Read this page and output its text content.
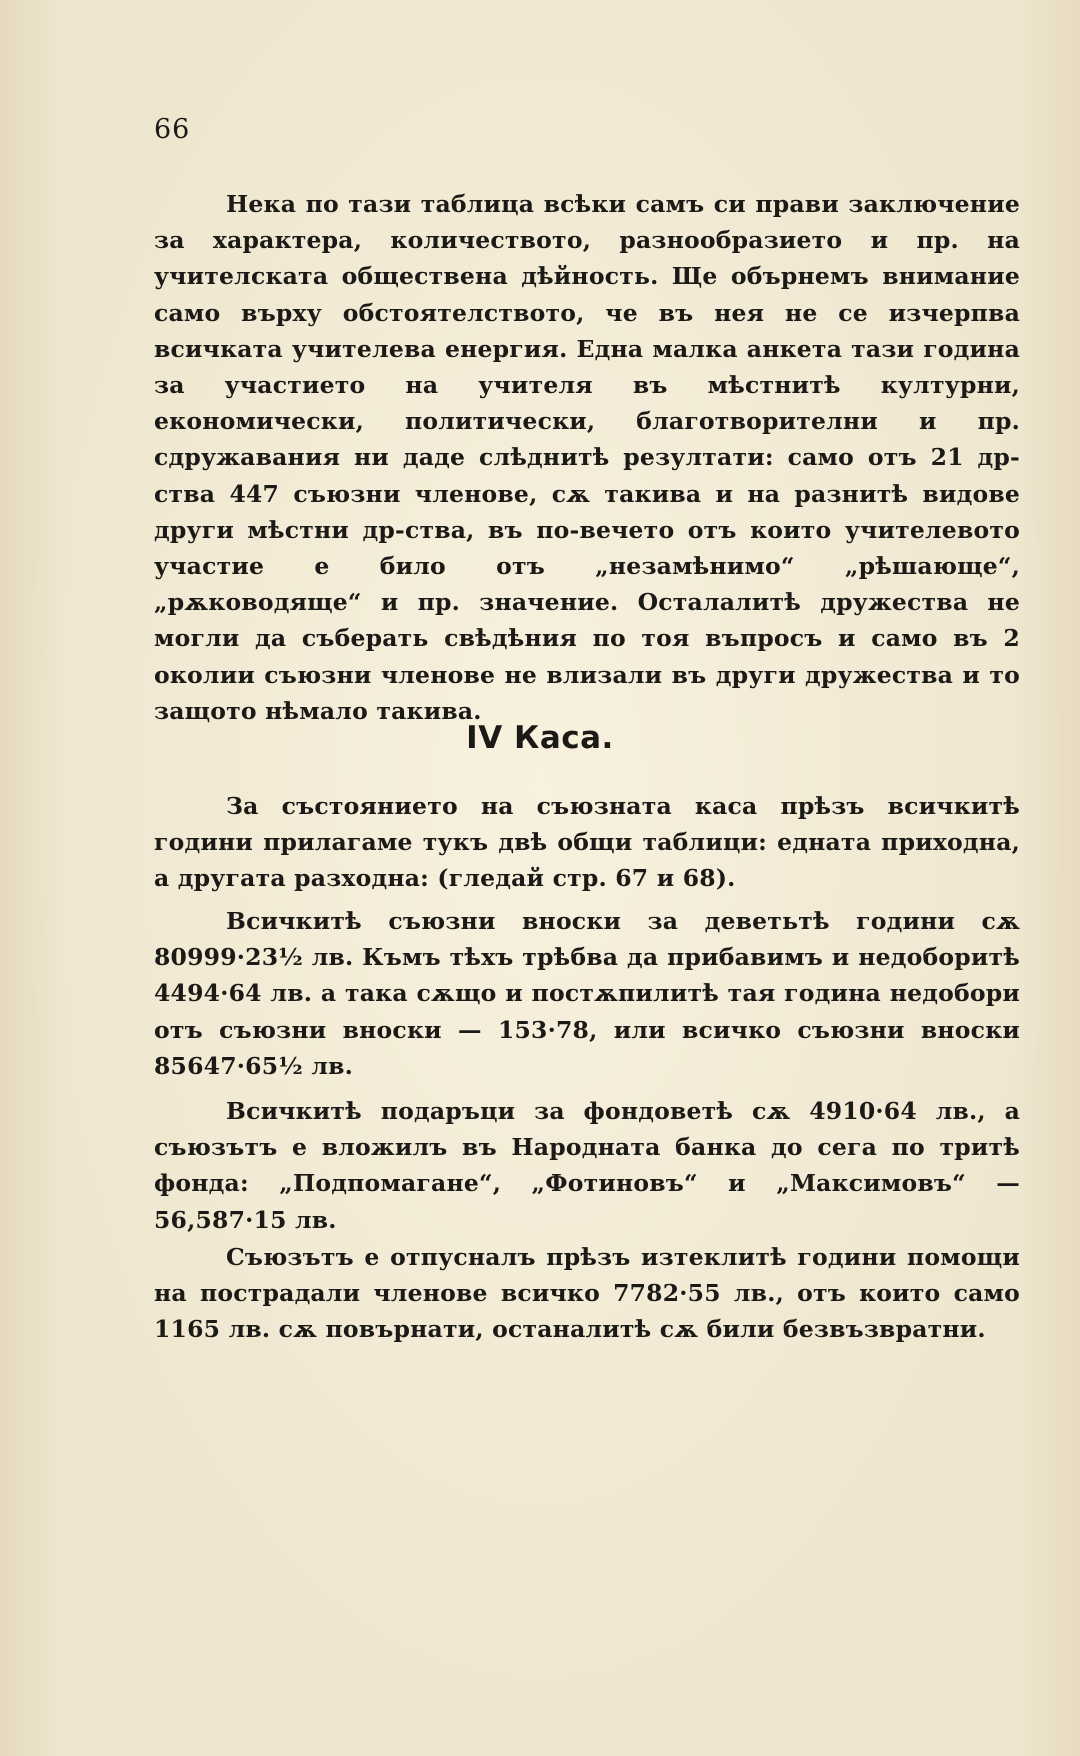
66

Нека по тази таблица всѣки самъ си прави заключение за характера, количеството, разнообразието и пр. на учителската обществена дѣйность. Ще обърнемъ внимание само върху обстоятелството, че въ нея не се изчерпва всичката учителева енергия. Една малка анкета тази година за участието на учителя въ мѣстнитѣ културни, економически, политически, благотворителни и пр. сдружавания ни даде слѣднитѣ резултати: само отъ 21 др-ства 447 съюзни членове, сѫ такива и на разнитѣ видове други мѣстни др-ства, въ по-вечето отъ които учителевото участие е било отъ „незамѣнимо“ „рѣшающе“, „рѫководяще“ и пр. значение. Осталалитѣ дружества не могли да съберать свѣдѣния по тоя въпросъ и само въ 2 околии съюзни членове не влизали въ други дружества и то защото нѣмало такива.

IV Каса.

За състоянието на съюзната каса прѣзъ всичкитѣ години прилагаме тукъ двѣ общи таблици: едната приходна, а другата разходна: (гледай стр. 67 и 68).

Всичкитѣ съюзни вноски за деветьтѣ години сѫ 80999·23½ лв. Къмъ тѣхъ трѣбва да прибавимъ и недоборитѣ 4494·64 лв. а така сѫщо и постѫпилитѣ тая година недобори отъ съюзни вноски — 153·78, или всичко съюзни вноски 85647·65½ лв.

Всичкитѣ подаръци за фондоветѣ сѫ 4910·64 лв., а съюзътъ е вложилъ въ Народната банка до сега по тритѣ фонда: „Подпомагане“, „Фотиновъ“ и „Максимовъ“ — 56,587·15 лв.

Съюзътъ е отпусналъ прѣзъ изтеклитѣ години помощи на пострадали членове всичко 7782·55 лв., отъ които само 1165 лв. сѫ повърнати, останалитѣ сѫ били безвъзвратни.
